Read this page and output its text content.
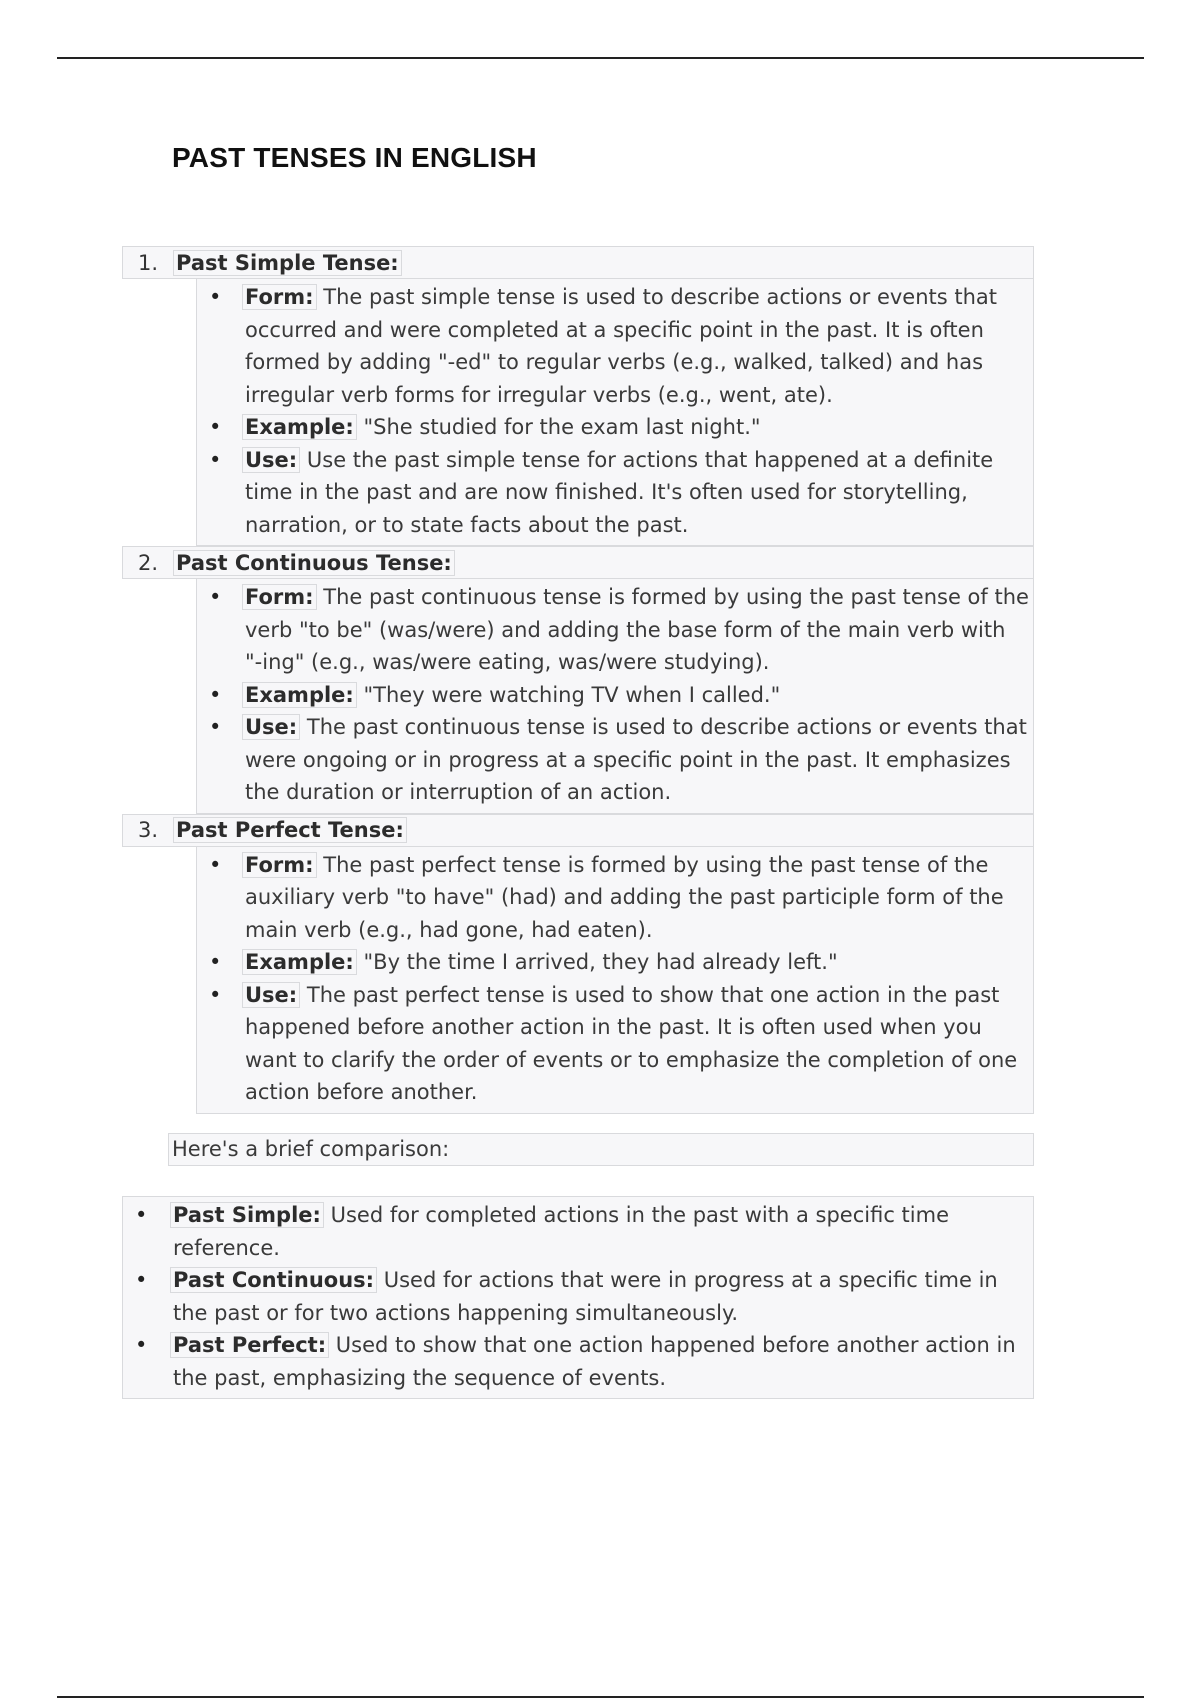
PAST TENSES IN ENGLISH
1. Past Simple Tense:
• Form: The past simple tense is used to describe actions or events that occurred and were completed at a specific point in the past. It is often formed by adding "-ed" to regular verbs (e.g., walked, talked) and has irregular verb forms for irregular verbs (e.g., went, ate).
• Example: "She studied for the exam last night."
• Use: Use the past simple tense for actions that happened at a definite time in the past and are now finished. It's often used for storytelling, narration, or to state facts about the past.
2. Past Continuous Tense:
• Form: The past continuous tense is formed by using the past tense of the verb "to be" (was/were) and adding the base form of the main verb with "-ing" (e.g., was/were eating, was/were studying).
• Example: "They were watching TV when I called."
• Use: The past continuous tense is used to describe actions or events that were ongoing or in progress at a specific point in the past. It emphasizes the duration or interruption of an action.
3. Past Perfect Tense:
• Form: The past perfect tense is formed by using the past tense of the auxiliary verb "to have" (had) and adding the past participle form of the main verb (e.g., had gone, had eaten).
• Example: "By the time I arrived, they had already left."
• Use: The past perfect tense is used to show that one action in the past happened before another action in the past. It is often used when you want to clarify the order of events or to emphasize the completion of one action before another.
Here's a brief comparison:
• Past Simple: Used for completed actions in the past with a specific time reference.
• Past Continuous: Used for actions that were in progress at a specific time in the past or for two actions happening simultaneously.
• Past Perfect: Used to show that one action happened before another action in the past, emphasizing the sequence of events.
